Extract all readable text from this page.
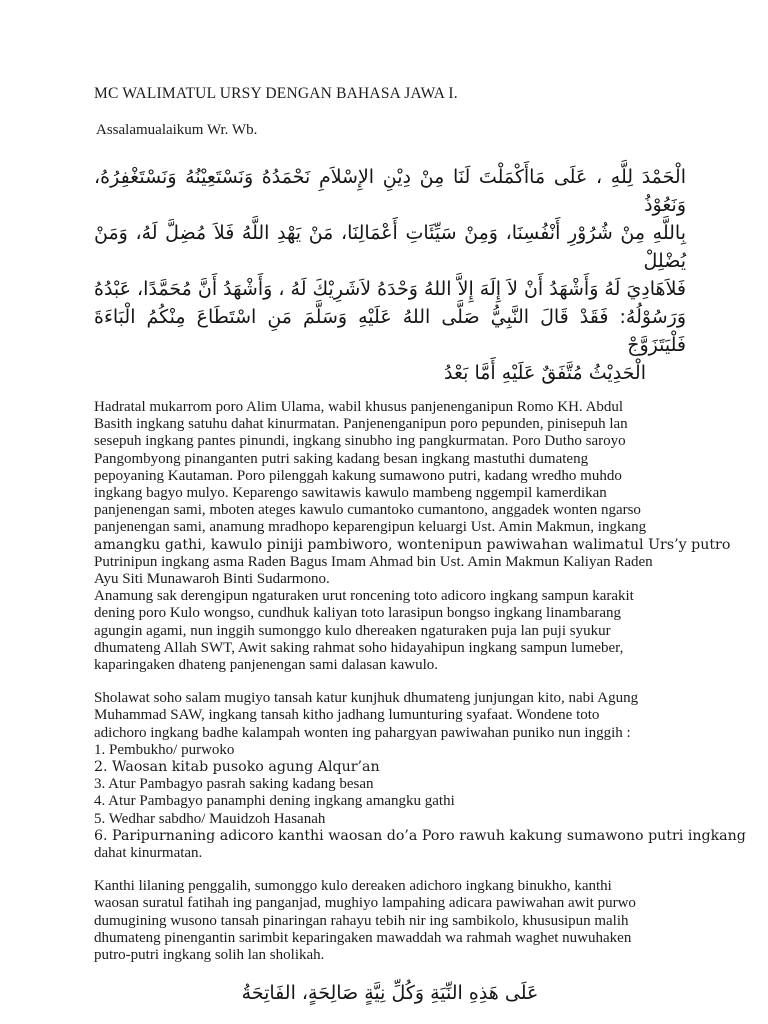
MC WALIMATUL URSY DENGAN BAHASA JAWA I.

Assalamualaikum Wr. Wb.

الْحَمْدَ لِلَّهِ ، عَلَى مَاأَكْمَلْتَ لَنَا مِنْ دِيْنِ الإِسْلاَمِ نَحْمَدُهُ وَنَسْتَعِيْنُهُ وَنَسْتَغْفِرُهُ، وَنَعُوْذُ
بِاللَّهِ مِنْ شُرُوْرِ أَنْفُسِنَا، وَمِنْ سَيِّئَاتِ أَعْمَالِنَا، مَنْ يَهْدِ اللَّهُ فَلاَ مُضِلَّ لَهُ، وَمَنْ يُضْلِلْ
فَلاَهَادِيَ لَهُ وَأَشْهَدُ أَنْ لاَ إِلَهَ إِلاَّ اللهُ وَحْدَهُ لاَشَرِيْكَ لَهُ ، وَأَشْهَدُ أَنَّ مُحَمَّدًا، عَبْدُهُ
وَرَسُوْلُهُ: فَقَدْ قَالَ النَّبِيُّ صَلَّى اللهُ عَلَيْهِ وَسَلَّمَ مَنِ اسْتَطَاعَ مِنْكُمُ الْبَاءَةَ فَلْيَتَزَوَّجْ
الْحَدِيْثُ مُتَّفَقٌ عَلَيْهِ أَمَّا بَعْدُ
Hadratal mukarrom poro Alim Ulama, wabil khusus panjenenganipun Romo KH. Abdul
Basith ingkang satuhu dahat kinurmatan. Panjenenganipun poro pepunden, pinisepuh lan
sesepuh ingkang pantes pinundi, ingkang sinubho ing pangkurmatan. Poro Dutho saroyo
Pangombyong pinanganten putri saking kadang besan ingkang mastuthi dumateng
pepoyaning Kautaman. Poro pilenggah kakung sumawono putri, kadang wredho muhdo
ingkang bagyo mulyo. Keparengo sawitawis kawulo mambeng nggempil kamerdikan
panjenengan sami, mboten ateges kawulo cumantoko cumantono, anggadek wonten ngarso
panjenengan sami, anamung mradhopo keparengipun keluargi Ust. Amin Makmun, ingkang
amangku gathi, kawulo piniji pambiworo, wontenipun pawiwahan walimatul Urs’y putro
Putrinipun ingkang asma Raden Bagus Imam Ahmad bin Ust. Amin Makmun Kaliyan Raden
Ayu Siti Munawaroh Binti Sudarmono.
Anamung sak derengipun ngaturaken urut roncening toto adicoro ingkang sampun karakit
dening poro Kulo wongso, cundhuk kaliyan toto larasipun bongso ingkang linambarang
agungin agami, nun inggih sumonggo kulo dhereaken ngaturaken puja lan puji syukur
dhumateng Allah SWT, Awit saking rahmat soho hidayahipun ingkang sampun lumeber,
kaparingaken dhateng panjenengan sami dalasan kawulo.
Sholawat soho salam mugiyo tansah katur kunjhuk dhumateng junjungan kito, nabi Agung
Muhammad SAW, ingkang tansah kitho jadhang lumunturing syafaat. Wondene toto
adichoro ingkang badhe kalampah wonten ing pahargyan pawiwahan puniko nun inggih :
1. Pembukho/ purwoko
2. Waosan kitab pusoko agung Alqur’an
3. Atur Pambagyo pasrah saking kadang besan
4. Atur Pambagyo panamphi dening ingkang amangku gathi
5. Wedhar sabdho/ Mauidzoh Hasanah
6. Paripurnaning adicoro kanthi waosan do’a Poro rawuh kakung sumawono putri ingkang
dahat kinurmatan.
Kanthi lilaning penggalih, sumonggo kulo dereaken adichoro ingkang binukho, kanthi
waosan suratul fatihah ing panganjad, mughiyo lampahing adicara pawiwahan awit purwo
dumugining wusono tansah pinaringan rahayu tebih nir ing sambikolo, khususipun malih
dhumateng pinengantin sarimbit keparingaken mawaddah wa rahmah waghet nuwuhaken
putro-putri ingkang solih lan sholikah.
عَلَى هَذِهِ النِّيَةِ وَكُلِّ نِيَّةٍ صَالِحَةٍ، الفَاتِحَةُ
